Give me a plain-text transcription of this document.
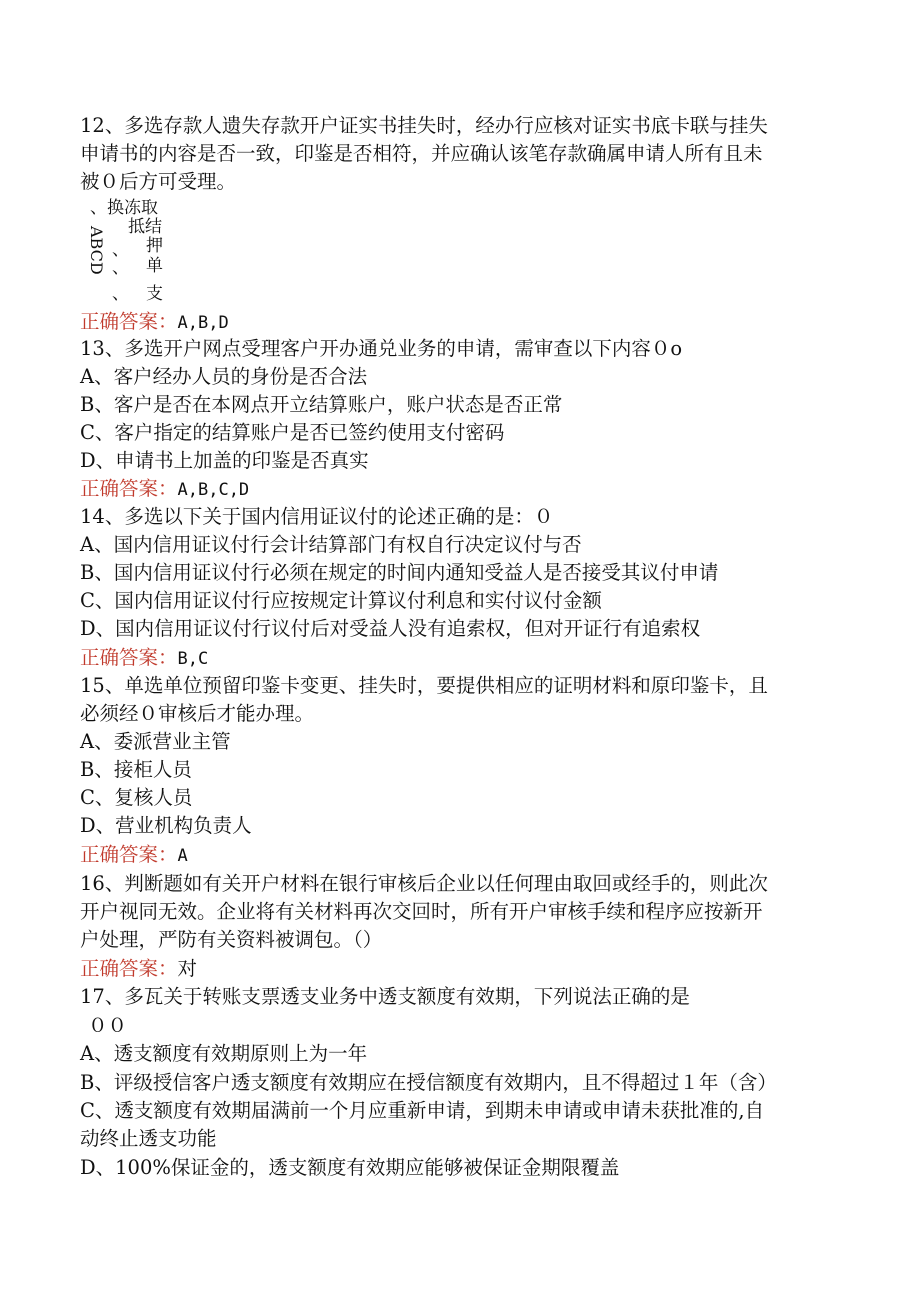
12、多选存款人遗失存款开户证实书挂失时，经办行应核对证实书底卡联与挂失
申请书的内容是否一致，印鉴是否相符，并应确认该笔存款确属申请人所有且未
被０后方可受理。
、换冻取
抵结
押
单
、
、
、 支
ABCD
正确答案：A,B,D
13、多选开户网点受理客户开办通兑业务的申请，需审查以下内容０o
A、客户经办人员的身份是否合法
B、客户是否在本网点开立结算账户，账户状态是否正常
C、客户指定的结算账户是否已签约使用支付密码
D、申请书上加盖的印鉴是否真实
正确答案：A,B,C,D
14、多选以下关于国内信用证议付的论述正确的是：０
A、国内信用证议付行会计结算部门有权自行决定议付与否
B、国内信用证议付行必须在规定的时间内通知受益人是否接受其议付申请
C、国内信用证议付行应按规定计算议付利息和实付议付金额
D、国内信用证议付行议付后对受益人没有追索权，但对开证行有追索权
正确答案：B,C
15、单选单位预留印鉴卡变更、挂失时，要提供相应的证明材料和原印鉴卡，且
必须经０审核后才能办理。
A、委派营业主管
B、接柜人员
C、复核人员
D、营业机构负责人
正确答案：A
16、判断题如有关开户材料在银行审核后企业以任何理由取回或经手的，则此次
开户视同无效。企业将有关材料再次交回时，所有开户审核手续和程序应按新开
户处理，严防有关资料被调包。（）
正确答案：对
17、多瓦关于转账支票透支业务中透支额度有效期，下列说法正确的是
００
A、透支额度有效期原则上为一年
B、评级授信客户透支额度有效期应在授信额度有效期内，且不得超过１年（含）
C、透支额度有效期届满前一个月应重新申请，到期未申请或申请未获批准的,自
动终止透支功能
D、100%保证金的，透支额度有效期应能够被保证金期限覆盖
